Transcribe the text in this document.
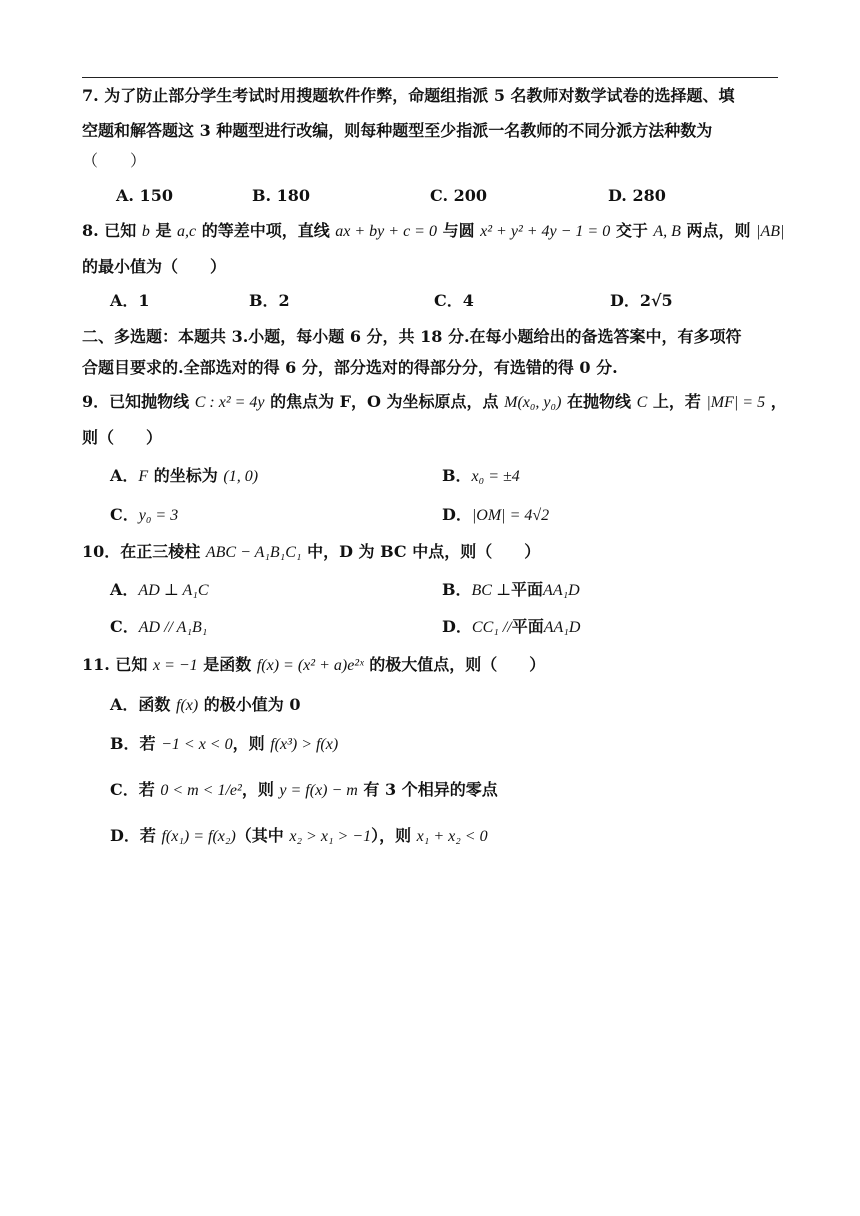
7. 为了防止部分学生考试时用搜题软件作弊，命题组指派 5 名教师对数学试卷的选择题、填
空题和解答题这 3 种题型进行改编，则每种题型至少指派一名教师的不同分派方法种数为
（　　）
A. 150	B. 180	C. 200	D. 280
8. 已知 b 是 a,c 的等差中项，直线 ax + by + c = 0 与圆 x² + y² + 4y − 1 = 0 交于 A, B 两点，则 |AB|
的最小值为（　　）
A．1	B．2	C．4	D．2√5
二、多选题：本题共 3.小题，每小题 6 分，共 18 分.在每小题给出的备选答案中，有多项符
合题目要求的.全部选对的得 6 分，部分选对的得部分分，有选错的得 0 分.
9．已知抛物线 C : x² = 4y 的焦点为 F，O 为坐标原点，点 M(x₀, y₀) 在抛物线 C 上，若 |MF| = 5 ，
则（　　）
A．F 的坐标为 (1, 0)	B．x₀ = ±4
C．y₀ = 3	D．|OM| = 4√2
10．在正三棱柱 ABC − A₁B₁C₁ 中，D 为 BC 中点，则（　　）
A．AD ⊥ A₁C	B．BC ⊥平面AA₁D
C．AD // A₁B₁	D．CC₁ //平面AA₁D
11. 已知 x = −1 是函数 f(x) = (x² + a)e²ˣ 的极大值点，则（　　）
A．函数 f(x) 的极小值为 0
B．若 −1 < x < 0，则 f(x³) > f(x)
C．若 0 < m < 1/e²，则 y = f(x) − m 有 3 个相异的零点
D．若 f(x₁) = f(x₂)（其中 x₂ > x₁ > −1），则 x₁ + x₂ < 0
